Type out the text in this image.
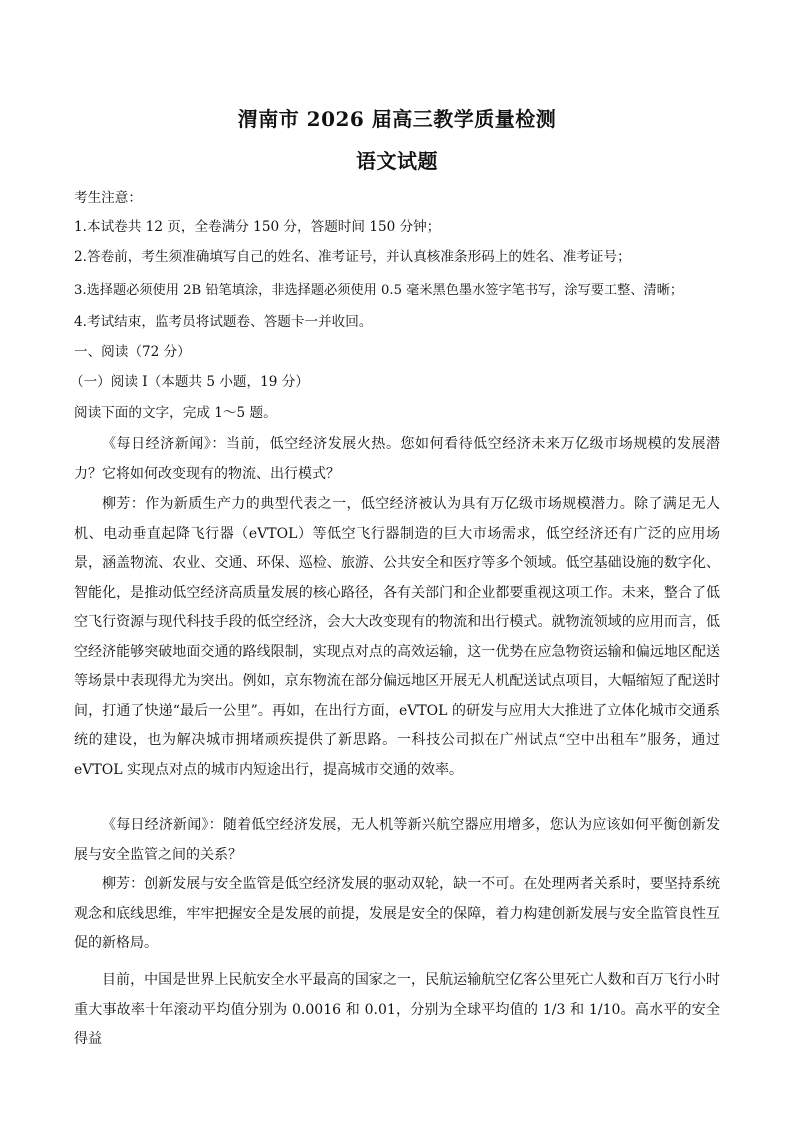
渭南市 2026 届高三教学质量检测
语文试题
考生注意：
1.本试卷共 12 页，全卷满分 150 分，答题时间 150 分钟；
2.答卷前，考生须准确填写自己的姓名、准考证号，并认真核准条形码上的姓名、准考证号；
3.选择题必须使用 2B 铅笔填涂，非选择题必须使用 0.5 毫米黑色墨水签字笔书写，涂写要工整、清晰；
4.考试结束，监考员将试题卷、答题卡一并收回。
一、阅读（72 分）
（一）阅读 I（本题共 5 小题，19 分）
阅读下面的文字，完成 1～5 题。
《每日经济新闻》：当前，低空经济发展火热。您如何看待低空经济未来万亿级市场规模的发展潜力？它将如何改变现有的物流、出行模式？
柳芳：作为新质生产力的典型代表之一，低空经济被认为具有万亿级市场规模潜力。除了满足无人机、电动垂直起降飞行器（eVTOL）等低空飞行器制造的巨大市场需求，低空经济还有广泛的应用场景，涵盖物流、农业、交通、环保、巡检、旅游、公共安全和医疗等多个领域。低空基础设施的数字化、智能化，是推动低空经济高质量发展的核心路径，各有关部门和企业都要重视这项工作。未来，整合了低空飞行资源与现代科技手段的低空经济，会大大改变现有的物流和出行模式。就物流领域的应用而言，低空经济能够突破地面交通的路线限制，实现点对点的高效运输，这一优势在应急物资运输和偏远地区配送等场景中表现得尤为突出。例如，京东物流在部分偏远地区开展无人机配送试点项目，大幅缩短了配送时间，打通了快递“最后一公里”。再如，在出行方面，eVTOL 的研发与应用大大推进了立体化城市交通系统的建设，也为解决城市拥堵顽疾提供了新思路。一科技公司拟在广州试点“空中出租车”服务，通过 eVTOL 实现点对点的城市内短途出行，提高城市交通的效率。
《每日经济新闻》：随着低空经济发展，无人机等新兴航空器应用增多，您认为应该如何平衡创新发展与安全监管之间的关系？
柳芳：创新发展与安全监管是低空经济发展的驱动双轮，缺一不可。在处理两者关系时，要坚持系统观念和底线思维，牢牢把握安全是发展的前提，发展是安全的保障，着力构建创新发展与安全监管良性互促的新格局。
目前，中国是世界上民航安全水平最高的国家之一，民航运输航空亿客公里死亡人数和百万飞行小时重大事故率十年滚动平均值分别为 0.0016 和 0.01，分别为全球平均值的 1/3 和 1/10。高水平的安全得益
